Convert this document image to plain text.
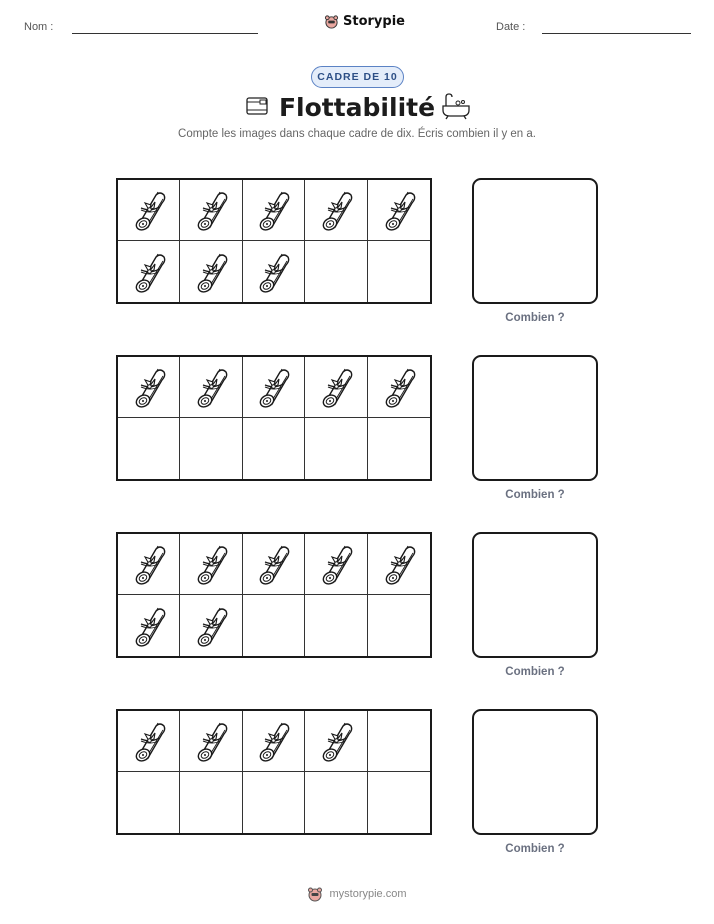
Nom :	Storypie	Date :
CADRE DE 10
Flottabilité
Compte les images dans chaque cadre de dix. Écris combien il y en a.
Combien ?
Combien ?
Combien ?
Combien ?
mystorypie.com
